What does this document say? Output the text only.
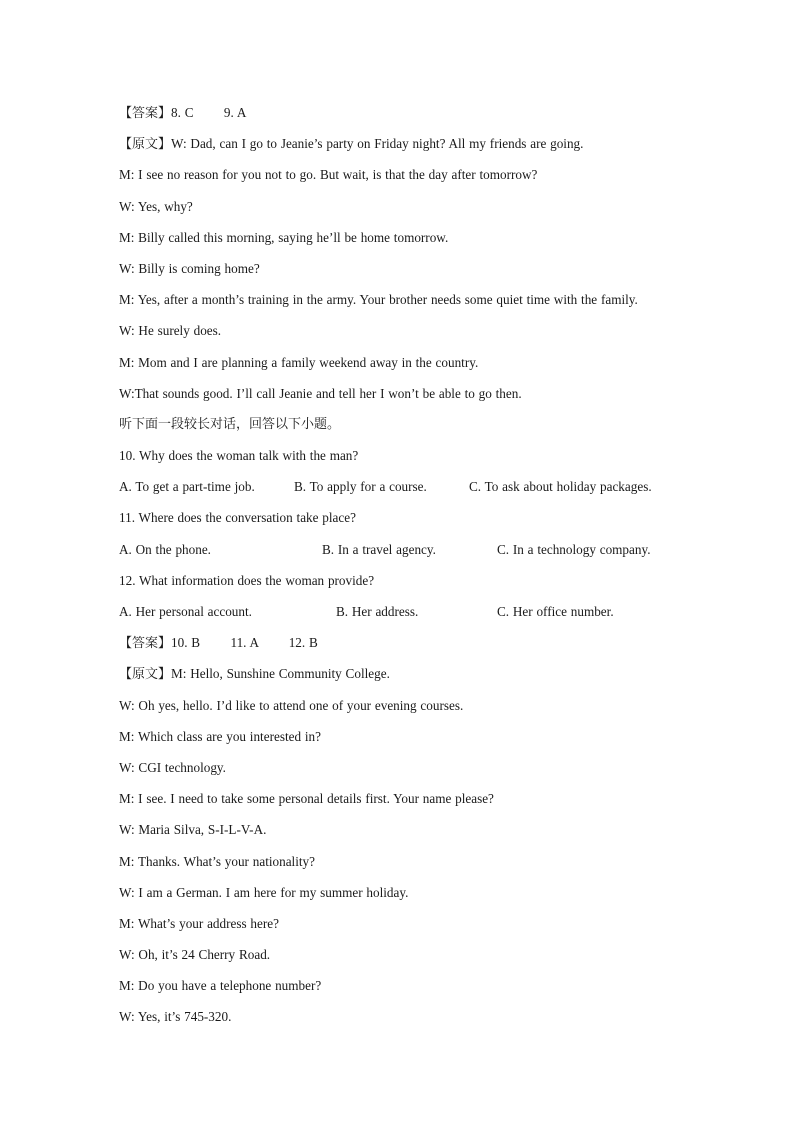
【答案】8. C        9. A
【原文】W: Dad, can I go to Jeanie’s party on Friday night? All my friends are going.
M: I see no reason for you not to go. But wait, is that the day after tomorrow?
W: Yes, why?
M: Billy called this morning, saying he’ll be home tomorrow.
W: Billy is coming home?
M: Yes, after a month’s training in the army. Your brother needs some quiet time with the family.
W: He surely does.
M: Mom and I are planning a family weekend away in the country.
W:That sounds good. I’ll call Jeanie and tell her I won’t be able to go then.
听下面一段较长对话，回答以下小题。
10. Why does the woman talk with the man?
A. To get a part-time job.	B. To apply for a course.	C. To ask about holiday packages.
11. Where does the conversation take place?
A. On the phone.	B. In a travel agency.	C. In a technology company.
12. What information does the woman provide?
A. Her personal account.	B. Her address.	C. Her office number.
【答案】10. B        11. A        12. B
【原文】M: Hello, Sunshine Community College.
W: Oh yes, hello. I’d like to attend one of your evening courses.
M: Which class are you interested in?
W: CGI technology.
M: I see. I need to take some personal details first. Your name please?
W: Maria Silva, S-I-L-V-A.
M: Thanks. What’s your nationality?
W: I am a German. I am here for my summer holiday.
M: What’s your address here?
W: Oh, it’s 24 Cherry Road.
M: Do you have a telephone number?
W: Yes, it’s 745-320.
